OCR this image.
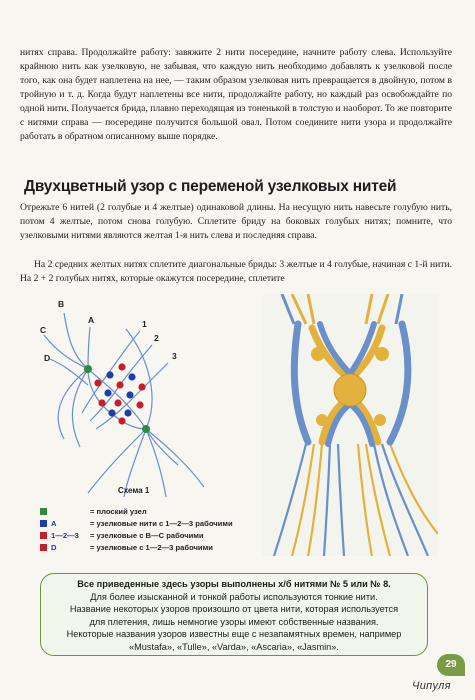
нитях справа. Продолжайте работу: завяжите 2 нити посередине, начните работу слева. Используйте крайнюю нить как узелковую, не забывая, что каждую нить необходимо добавлять к узелковой после того, как она будет наплетена на нее, — таким образом узелковая нить превращается в двойную, потом в тройную и т. д. Когда будут наплетены все нити, продолжайте работу, но каждый раз освобождайте по одной нити. Получается брида, плавно переходящая из тоненькой в толстую и наоборот. То же повторите с нитями справа — посередине получится большой овал. Потом соедините нити узора и продолжайте работать в обратном описанному выше порядке.

Двухцветный узор с переменой узелковых нитей

Отрежьте 6 нитей (2 голубые и 4 желтые) одинаковой длины. На несущую нить навесьте голубую нить, потом 4 желтые, потом снова голубую. Сплетите бриду на боковых голубых нитях; помните, что узелковыми нитями являются желтая 1-я нить слева и последняя справа.

На 2 средних желтых нитях сплетите диагональные бриды: 3 желтые и 4 голубые, начиная с 1-й нити. На 2 + 2 голубых нитях, которые окажутся посередине, сплетите

B
A
C
D
1
2
3
Схема 1
= плоский узел
A	= узелковые нити с 1—2—3 рабочими
1—2—3 = узелковые с B—C рабочими
D	= узелковые с 1—2—3 рабочими

Все приведенные здесь узоры выполнены х/б нитями № 5 или № 8.

Для более изысканной и тонкой работы используются тонкие нити.

Название некоторых узоров произошло от цвета нити, которая используется

для плетения, лишь немногие узоры имеют собственные названия.

Некоторые названия узоров известны еще с незапамятных времен, например

«Mustafa», «Tulle», «Varda», «Ascaria», «Jasmin».

29
Чипуля
